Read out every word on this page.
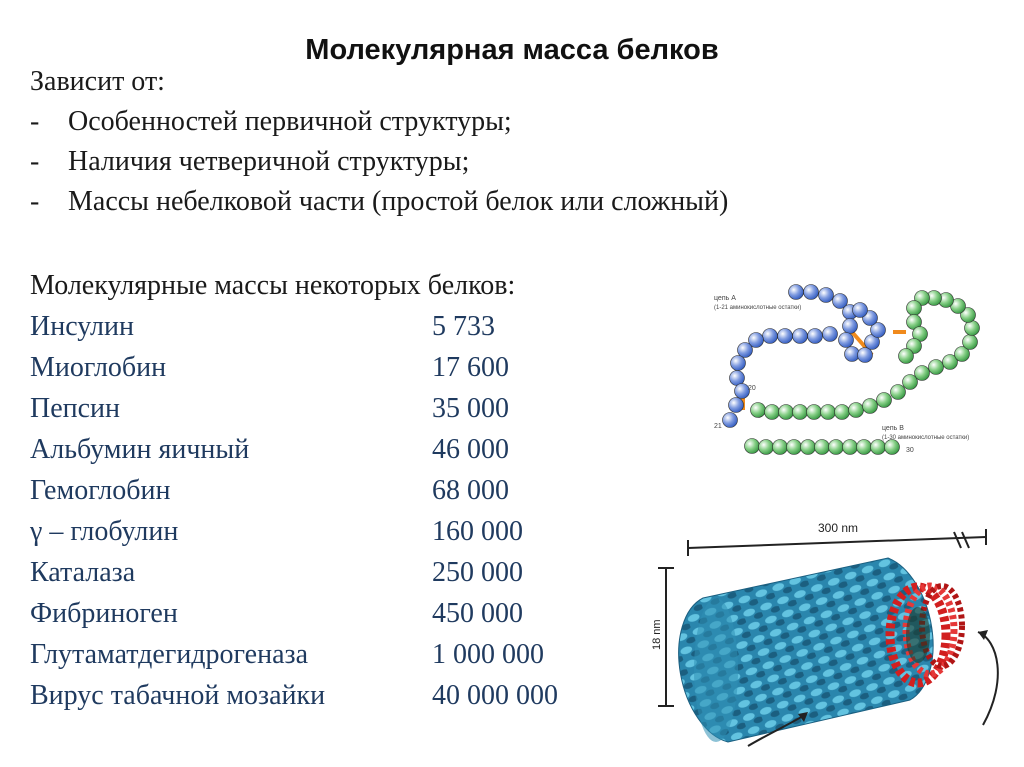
Молекулярная масса белков
Зависит от:
-	Особенностей первичной структуры;
-	Наличия четверичной структуры;
-	Массы небелковой части (простой белок или сложный)
Молекулярные массы некоторых белков:
Инсулин	5 733
Миоглобин	17 600
Пепсин	35 000
Альбумин яичный	46 000
Гемоглобин	68 000
γ – глобулин	160 000
Каталаза	250 000
Фибриноген	450 000
Глутаматдегидрогеназа	1 000 000
Вирус табачной мозайки	40 000 000
цепь А
(1-21 аминокислотные остатки)
цепь В
(1-30 аминокислотные остатки)
21
20
30
300 nm
18 nm
